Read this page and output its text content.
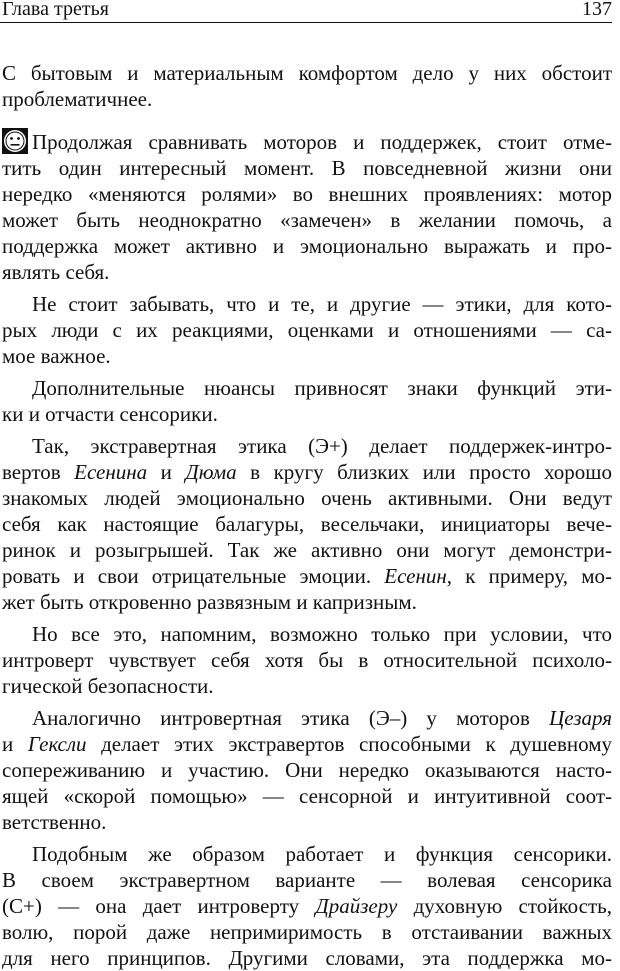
Глава третья	137
С бытовым и материальным комфортом дело у них обстоит
проблематичнее.
Продолжая сравнивать моторов и поддержек, стоит отме-
тить один интересный момент. В повседневной жизни они
нередко «меняются ролями» во внешних проявлениях: мотор
может быть неоднократно «замечен» в желании помочь, а
поддержка может активно и эмоционально выражать и про-
являть себя.
Не стоит забывать, что и те, и другие — этики, для кото-
рых люди с их реакциями, оценками и отношениями — са-
мое важное.
Дополнительные нюансы привносят знаки функций эти-
ки и отчасти сенсорики.
Так, экстравертная этика (Э+) делает поддержек-интро-
вертов Есенина и Дюма в кругу близких или просто хорошо
знакомых людей эмоционально очень активными. Они ведут
себя как настоящие балагуры, весельчаки, инициаторы вече-
ринок и розыгрышей. Так же активно они могут демонстри-
ровать и свои отрицательные эмоции. Есенин, к примеру, мо-
жет быть откровенно развязным и капризным.
Но все это, напомним, возможно только при условии, что
интроверт чувствует себя хотя бы в относительной психоло-
гической безопасности.
Аналогично интровертная этика (Э–) у моторов Цезаря
и Гексли делает этих экстравертов способными к душевному
сопереживанию и участию. Они нередко оказываются насто-
ящей «скорой помощью» — сенсорной и интуитивной соот-
ветственно.
Подобным же образом работает и функция сенсорики.
В своем экстравертном варианте — волевая сенсорика
(С+) — она дает интроверту Драйзеру духовную стойкость,
волю, порой даже непримиримость в отстаивании важных
для него принципов. Другими словами, эта поддержка мо-
